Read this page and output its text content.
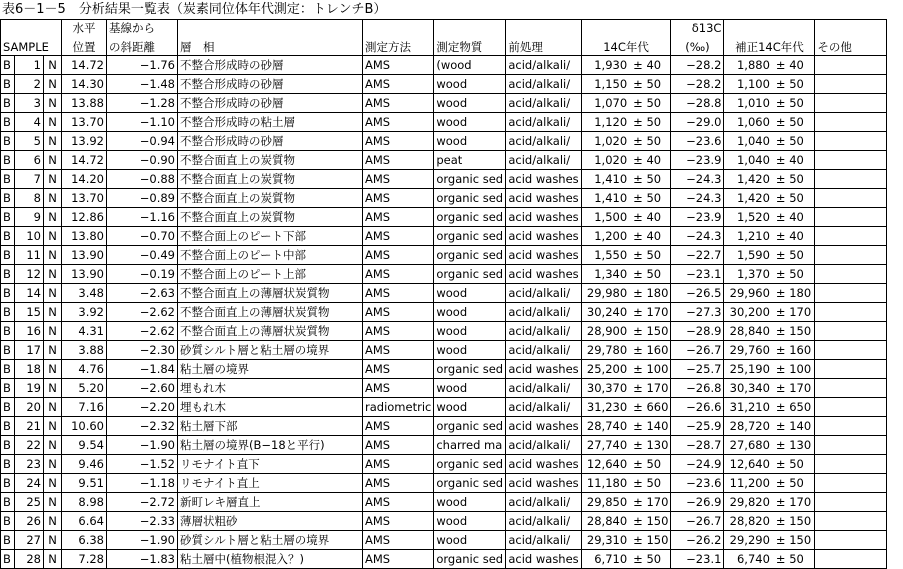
表6－1－5　分析結果一覧表（炭素同位体年代測定：トレンチB）
			水平	基線から							δ13C			
SAMPLE			位置	の斜距離	層　相	測定方法	測定物質	前処理	14C年代		(‰)	補正14C年代		その他
B	1	N	14.72	−1.76	不整合形成時の砂層	AMS	(wood	acid/alkali/	1,930	± 40	−28.2	1,880	± 40	
B	2	N	14.30	−1.48	不整合形成時の砂層	AMS	wood	acid/alkali/	1,150	± 50	−28.2	1,100	± 50	
B	3	N	13.88	−1.28	不整合形成時の砂層	AMS	wood	acid/alkali/	1,070	± 50	−28.8	1,010	± 50	
B	4	N	13.70	−1.10	不整合形成時の粘土層	AMS	wood	acid/alkali/	1,120	± 50	−29.0	1,060	± 50	
B	5	N	13.92	−0.94	不整合形成時の砂層	AMS	wood	acid/alkali/	1,020	± 50	−23.6	1,040	± 50	
B	6	N	14.72	−0.90	不整合面直上の炭質物	AMS	peat	acid/alkali/	1,020	± 40	−23.9	1,040	± 40	
B	7	N	14.20	−0.88	不整合面直上の炭質物	AMS	organic sed	acid washes	1,410	± 50	−24.3	1,420	± 50	
B	8	N	13.70	−0.89	不整合面直上の炭質物	AMS	organic sed	acid washes	1,410	± 50	−24.3	1,420	± 50	
B	9	N	12.86	−1.16	不整合面直上の炭質物	AMS	organic sed	acid washes	1,500	± 40	−23.9	1,520	± 40	
B	10	N	13.80	−0.70	不整合面上のピート下部	AMS	organic sed	acid washes	1,200	± 40	−24.3	1,210	± 40	
B	11	N	13.90	−0.49	不整合面上のピート中部	AMS	organic sed	acid washes	1,550	± 50	−22.7	1,590	± 50	
B	12	N	13.90	−0.19	不整合面上のピート上部	AMS	organic sed	acid washes	1,340	± 50	−23.1	1,370	± 50	
B	14	N	3.48	−2.63	不整合面直上の薄層状炭質物	AMS	wood	acid/alkali/	29,980	± 180	−26.5	29,960	± 180	
B	15	N	3.92	−2.62	不整合面直上の薄層状炭質物	AMS	wood	acid/alkali/	30,240	± 170	−27.3	30,200	± 170	
B	16	N	4.31	−2.62	不整合面直上の薄層状炭質物	AMS	wood	acid/alkali/	28,900	± 150	−28.9	28,840	± 150	
B	17	N	3.88	−2.30	砂質シルト層と粘土層の境界	AMS	wood	acid/alkali/	29,780	± 160	−26.7	29,760	± 160	
B	18	N	4.76	−1.84	粘土層の境界	AMS	organic sed	acid washes	25,200	± 100	−25.7	25,190	± 100	
B	19	N	5.20	−2.60	埋もれ木	AMS	wood	acid/alkali/	30,370	± 170	−26.8	30,340	± 170	
B	20	N	7.16	−2.20	埋もれ木	radiometric	wood	acid/alkali/	31,230	± 660	−26.6	31,210	± 650	
B	21	N	10.60	−2.32	粘土層下部	AMS	organic sed	acid washes	28,740	± 140	−25.9	28,720	± 140	
B	22	N	9.54	−1.90	粘土層の境界(B−18と平行)	AMS	charred ma	acid/alkali/	27,740	± 130	−28.7	27,680	± 130	
B	23	N	9.46	−1.52	リモナイト直下	AMS	organic sed	acid washes	12,640	± 50	−24.9	12,640	± 50	
B	24	N	9.51	−1.18	リモナイト直上	AMS	organic sed	acid washes	11,180	± 50	−23.6	11,200	± 50	
B	25	N	8.98	−2.72	新町レキ層直上	AMS	wood	acid/alkali/	29,850	± 170	−26.9	29,820	± 170	
B	26	N	6.64	−2.33	薄層状粗砂	AMS	wood	acid/alkali/	28,840	± 150	−26.7	28,820	± 150	
B	27	N	6.38	−1.90	砂質シルト層と粘土層の境界	AMS	wood	acid/alkali/	29,310	± 150	−26.2	29,290	± 150	
B	28	N	7.28	−1.83	粘土層中(植物根混入？)	AMS	organic sed	acid washes	6,710	± 50	−23.1	6,740	± 50	
